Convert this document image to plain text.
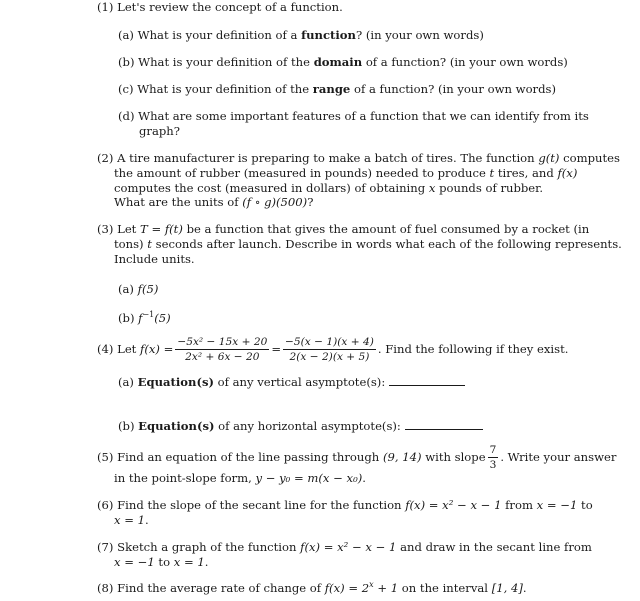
(1) Let's review the concept of a function.
(a) What is your definition of a function? (in your own words)
(b) What is your definition of the domain of a function? (in your own words)
(c) What is your definition of the range of a function? (in your own words)
(d) What are some important features of a function that we can identify from its
graph?
(2) A tire manufacturer is preparing to make a batch of tires. The function g(t) computes
the amount of rubber (measured in pounds) needed to produce t tires, and f(x)
computes the cost (measured in dollars) of obtaining x pounds of rubber.
What are the units of (f ∘ g)(500)?
(3) Let T = f(t) be a function that gives the amount of fuel consumed by a rocket (in
tons) t seconds after launch. Describe in words what each of the following represents.
Include units.
(a) f(5)
(b) $f^{-1}(5)$
(4)
Let
$f(x) = \frac{\text{−5x² − 15x + 20}}{\text{2x² + 6x − 20}} = \frac{-5(x - 1)(x + 4)}{2(x - 2)(x + 5)}$ . Find the following if they exist.
(a) Equation(s) of any vertical asymptote(s):
(b) Equation(s) of any horizontal asymptote(s):
(5)
Find an equation of the line passing through
(9, 14)
with slope $\frac{7}{3}$ . Write your answer
in the point-slope form, y − y₀ = m(x − x₀).
(6) Find the slope of the secant line for the function f(x) = x² − x − 1 from x = −1 to
x = 1.
(7) Sketch a graph of the function f(x) = x² − x − 1 and draw in the secant line from
x = −1 to x = 1.
(8) Find the average rate of change of $f(x) = 2^x + 1$ on the interval [1, 4].
